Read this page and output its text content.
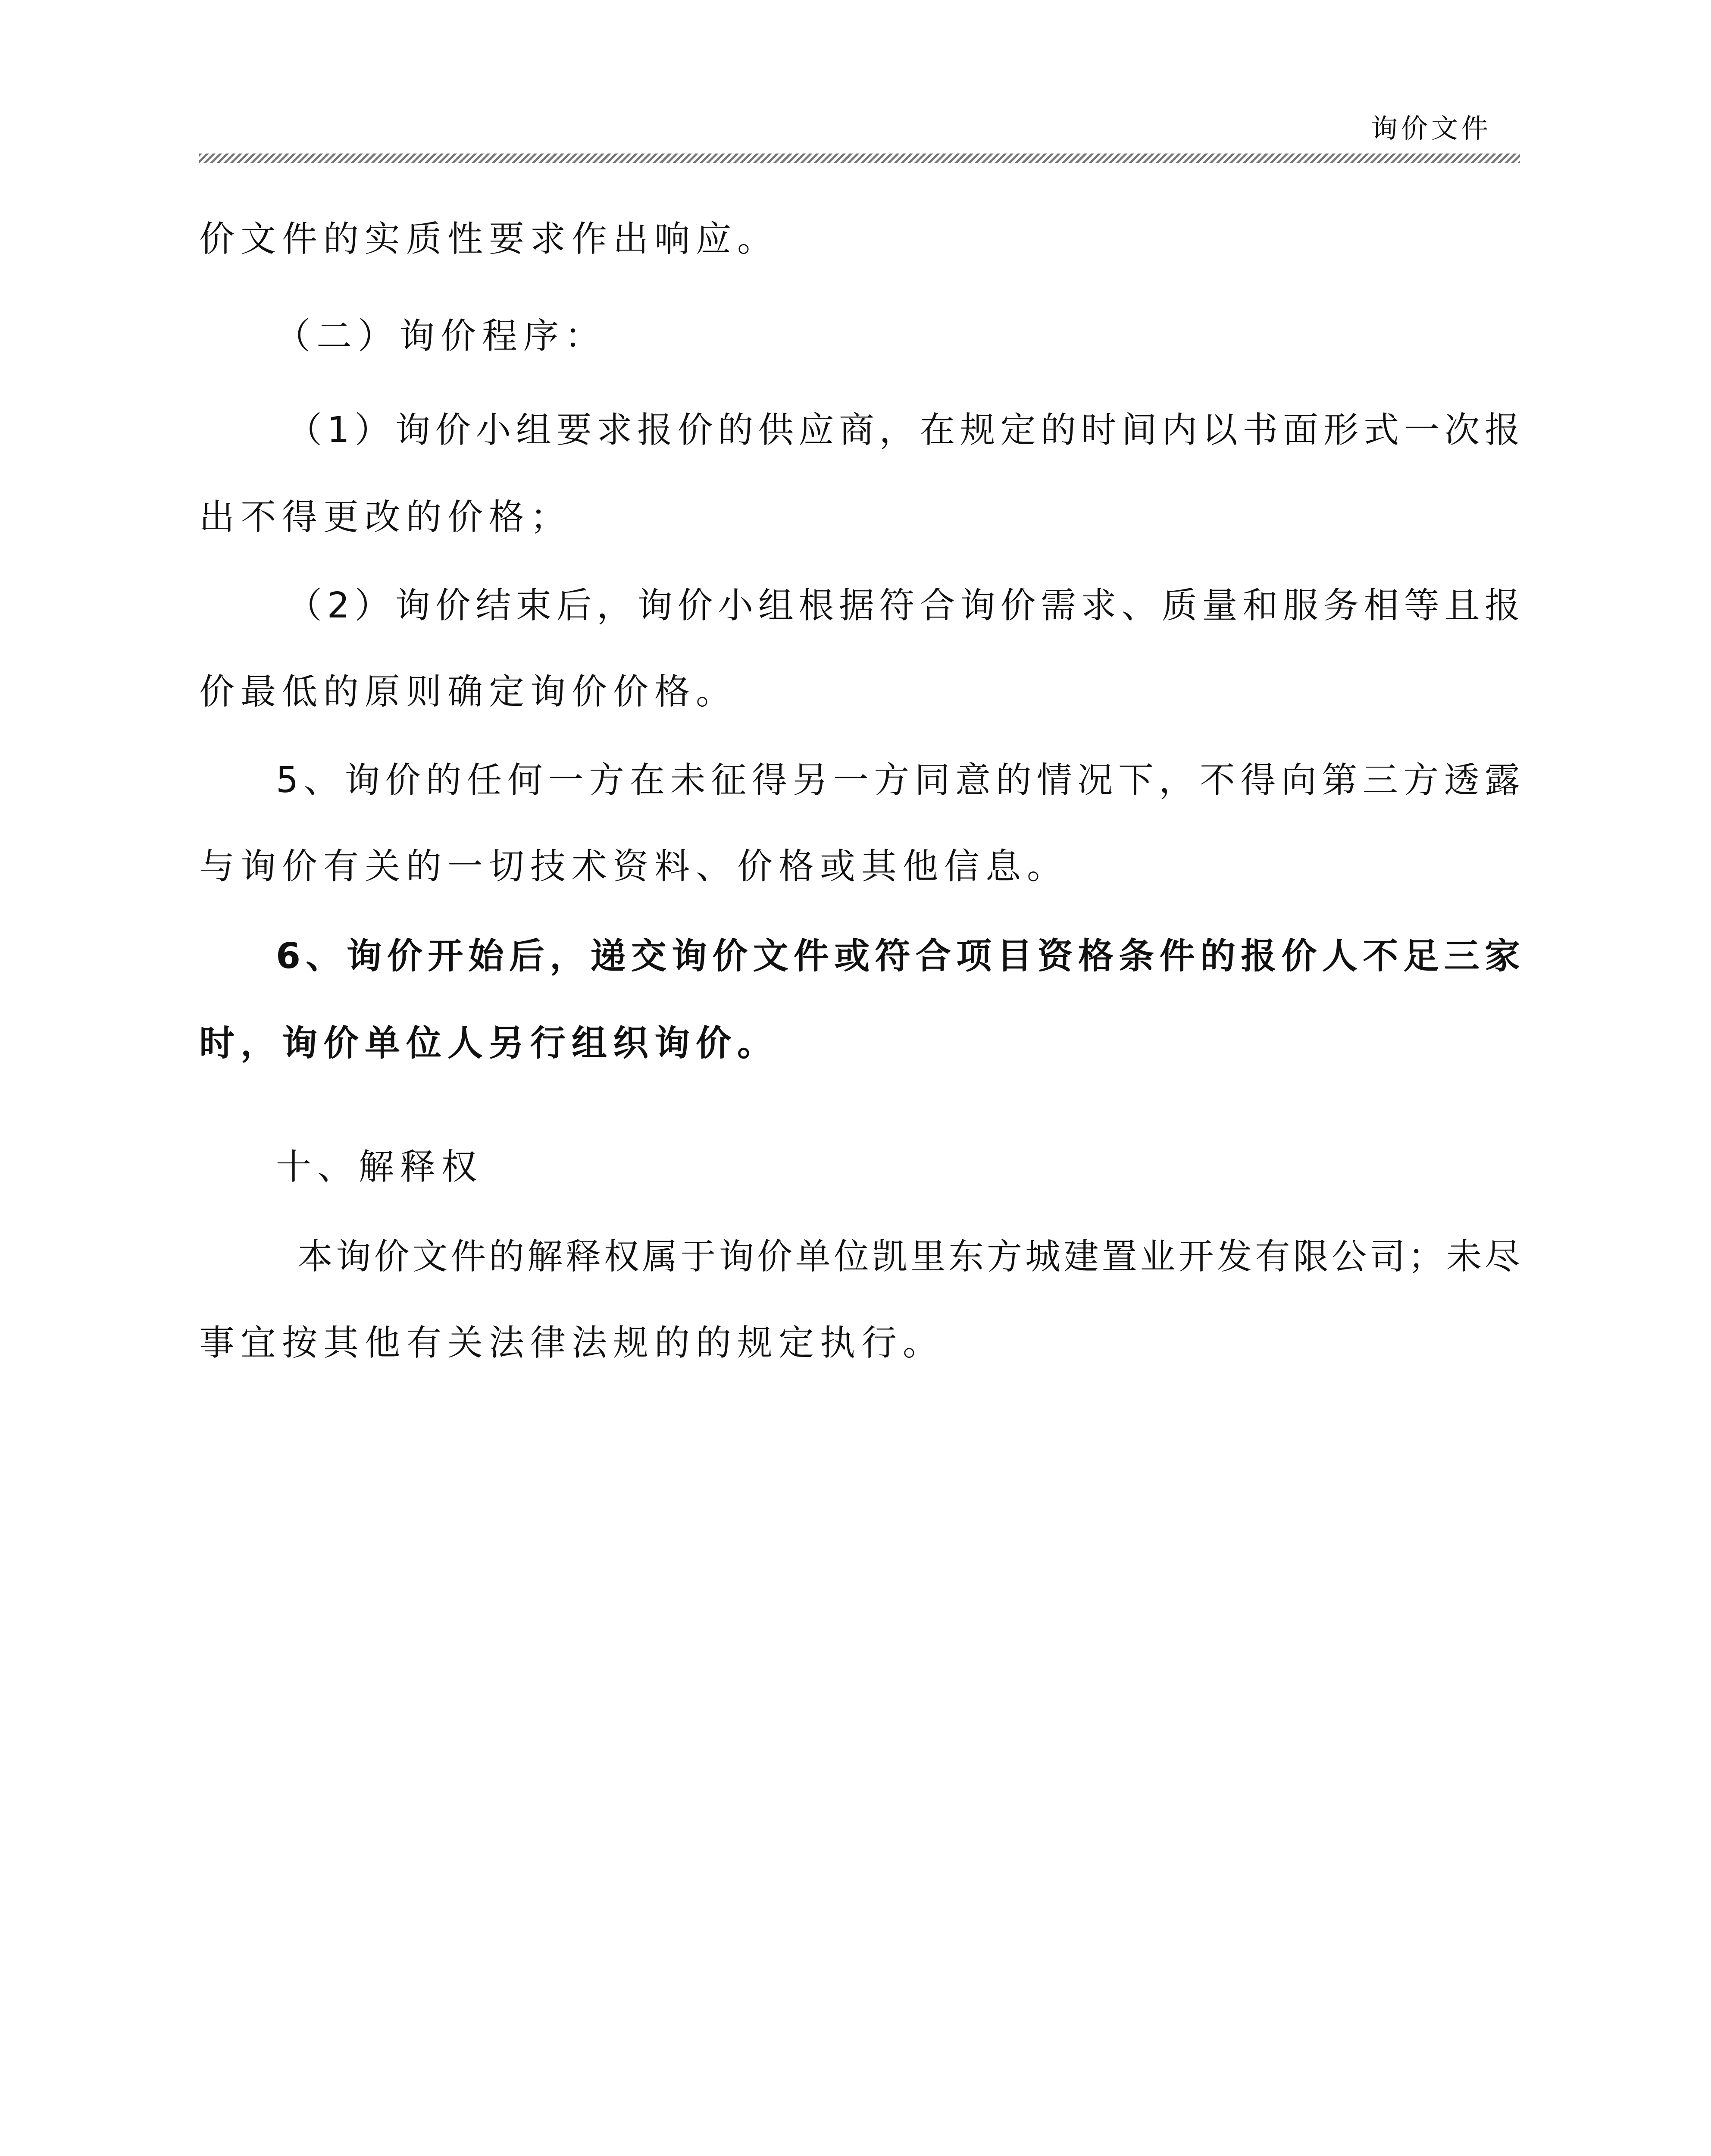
询价文件
价文件的实质性要求作出响应。
（二）询价程序：
（1）询价小组要求报价的供应商，在规定的时间内以书面形式一次报
出不得更改的价格；
（2）询价结束后，询价小组根据符合询价需求、质量和服务相等且报
价最低的原则确定询价价格。
5、询价的任何一方在未征得另一方同意的情况下，不得向第三方透露
与询价有关的一切技术资料、价格或其他信息。
6、询价开始后，递交询价文件或符合项目资格条件的报价人不足三家
时，询价单位人另行组织询价。
十、解释权
本询价文件的解释权属于询价单位凯里东方城建置业开发有限公司；未尽
事宜按其他有关法律法规的的规定执行。
